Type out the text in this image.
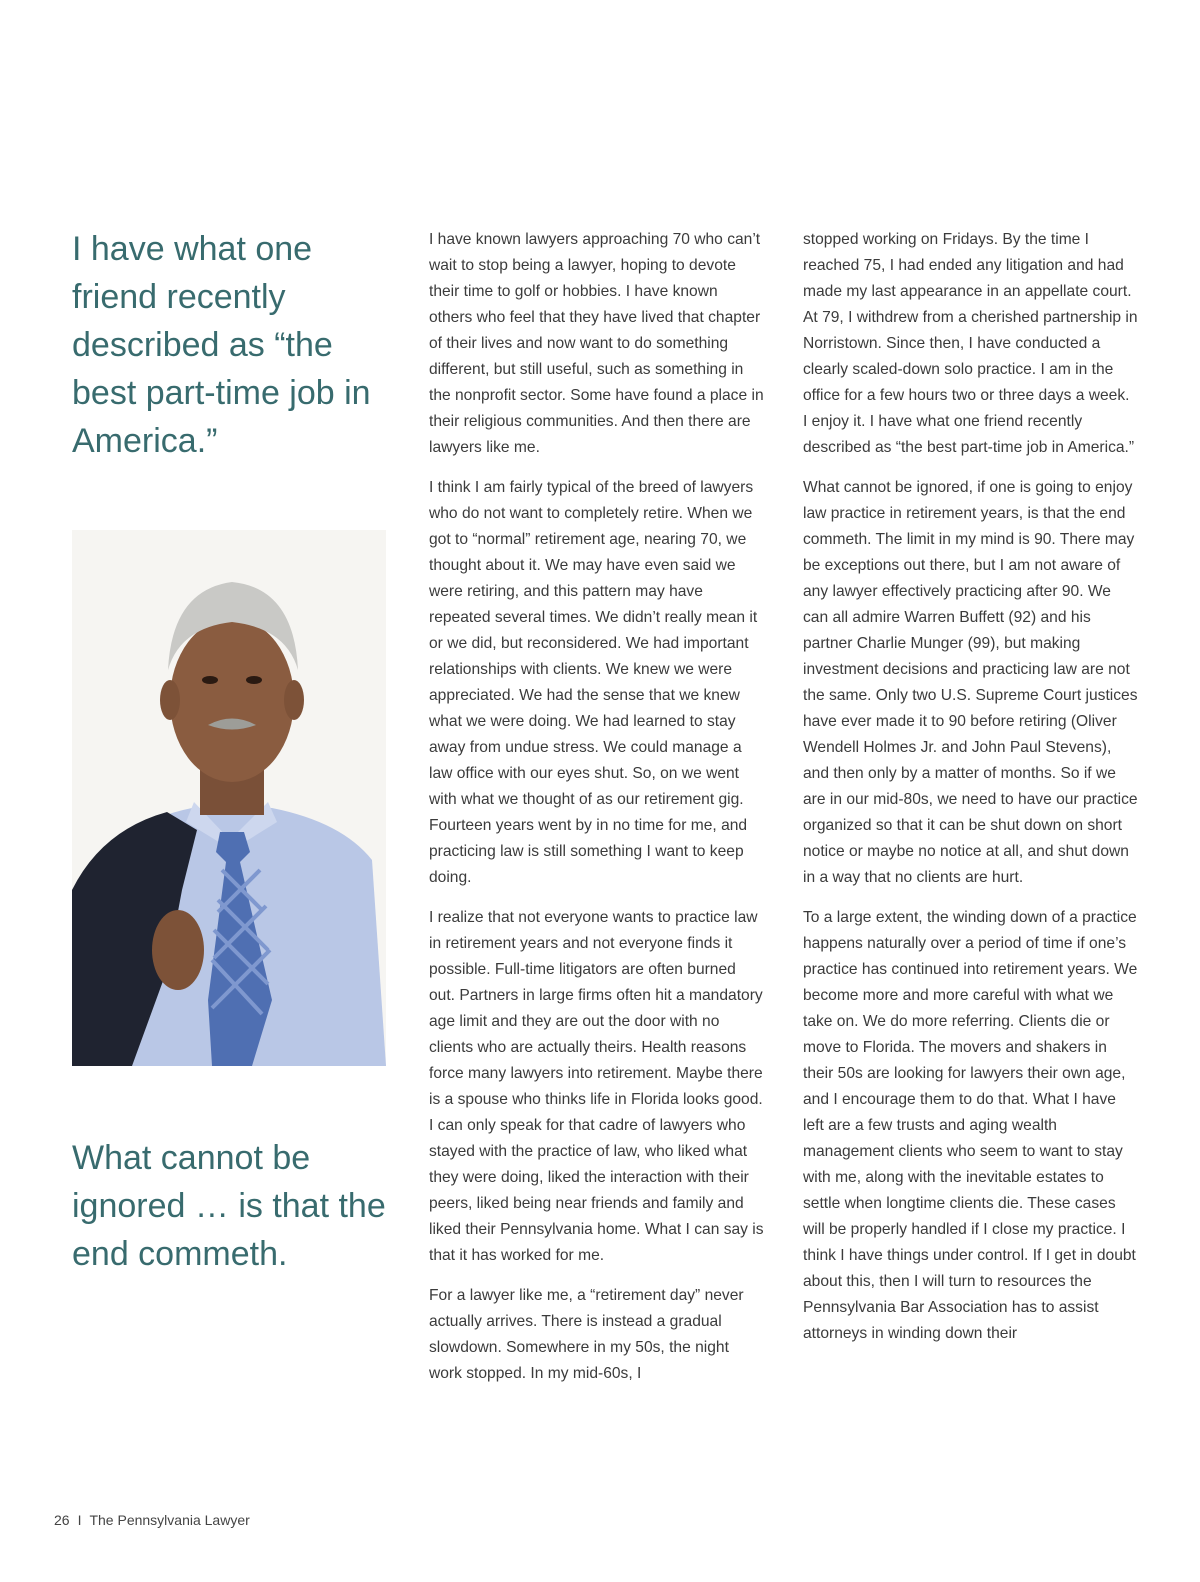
I have what one friend recently described as “the best part-time job in America.”
What cannot be ignored … is that the end commeth.

I have known lawyers approaching 70 who can’t wait to stop being a lawyer, hoping to devote their time to golf or hobbies. I have known others who feel that they have lived that chapter of their lives and now want to do something different, but still useful, such as something in the nonprofit sector. Some have found a place in their religious communities. And then there are lawyers like me.

I think I am fairly typical of the breed of lawyers who do not want to completely retire. When we got to “normal” retirement age, nearing 70, we thought about it. We may have even said we were retiring, and this pattern may have repeated several times. We didn’t really mean it or we did, but reconsidered. We had important relationships with clients. We knew we were appreciated. We had the sense that we knew what we were doing. We had learned to stay away from undue stress. We could manage a law office with our eyes shut. So, on we went with what we thought of as our retirement gig. Fourteen years went by in no time for me, and practicing law is still something I want to keep doing.

I realize that not everyone wants to practice law in retirement years and not everyone finds it possible. Full-time litigators are often burned out. Partners in large firms often hit a mandatory age limit and they are out the door with no clients who are actually theirs. Health reasons force many lawyers into retirement. Maybe there is a spouse who thinks life in Florida looks good. I can only speak for that cadre of lawyers who stayed with the practice of law, who liked what they were doing, liked the interaction with their peers, liked being near friends and family and liked their Pennsylvania home. What I can say is that it has worked for me.

For a lawyer like me, a “retirement day” never actually arrives. There is instead a gradual slowdown. Somewhere in my 50s, the night work stopped. In my mid-60s, I

stopped working on Fridays. By the time I reached 75, I had ended any litigation and had made my last appearance in an appellate court. At 79, I withdrew from a cherished partnership in Norristown. Since then, I have conducted a clearly scaled-down solo practice. I am in the office for a few hours two or three days a week. I enjoy it. I have what one friend recently described as “the best part-time job in America.”

What cannot be ignored, if one is going to enjoy law practice in retirement years, is that the end commeth. The limit in my mind is 90. There may be exceptions out there, but I am not aware of any lawyer effectively practicing after 90. We can all admire Warren Buffett (92) and his partner Charlie Munger (99), but making investment decisions and practicing law are not the same. Only two U.S. Supreme Court justices have ever made it to 90 before retiring (Oliver Wendell Holmes Jr. and John Paul Stevens), and then only by a matter of months. So if we are in our mid-80s, we need to have our practice organized so that it can be shut down on short notice or maybe no notice at all, and shut down in a way that no clients are hurt.

To a large extent, the winding down of a practice happens naturally over a period of time if one’s practice has continued into retirement years. We become more and more careful with what we take on. We do more referring. Clients die or move to Florida. The movers and shakers in their 50s are looking for lawyers their own age, and I encourage them to do that. What I have left are a few trusts and aging wealth management clients who seem to want to stay with me, along with the inevitable estates to settle when longtime clients die. These cases will be properly handled if I close my practice. I think I have things under control. If I get in doubt about this, then I will turn to resources the Pennsylvania Bar Association has to assist attorneys in winding down their

26 I The Pennsylvania Lawyer
